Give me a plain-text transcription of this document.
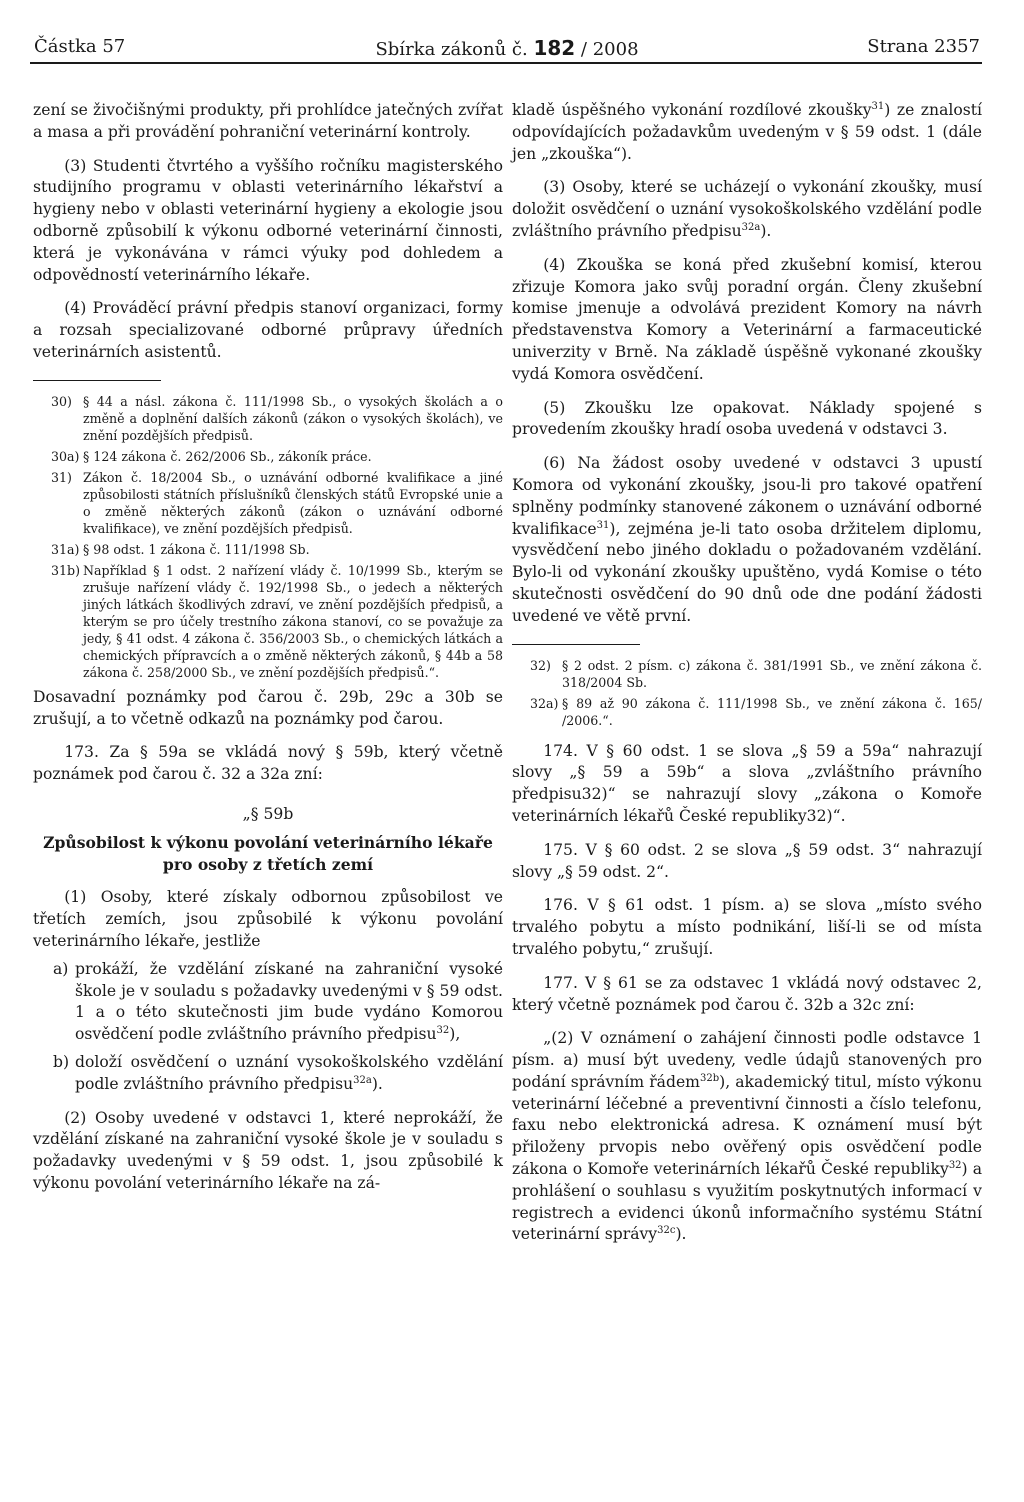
Částka 57	Sbírka zákonů č. 182 / 2008	Strana 2357

zení se živočišnými produkty, při prohlídce jatečných zvířat a masa a při provádění pohraniční veterinární kontroly.

(3) Studenti čtvrtého a vyššího ročníku magisterského studijního programu v oblasti veterinárního lékařství a hygieny nebo v oblasti veterinární hygieny a ekologie jsou odborně způsobilí k výkonu odborné veterinární činnosti, která je vykonávána v rámci výuky pod dohledem a odpovědností veterinárního lékaře.

(4) Prováděcí právní předpis stanoví organizaci, formy a rozsah specializované odborné průpravy úředních veterinárních asistentů.

30) § 44 a násl. zákona č. 111/1998 Sb., o vysokých školách a o změně a doplnění dalších zákonů (zákon o vysokých školách), ve znění pozdějších předpisů.
30a) § 124 zákona č. 262/2006 Sb., zákoník práce.
31) Zákon č. 18/2004 Sb., o uznávání odborné kvalifikace a jiné způsobilosti státních příslušníků členských států Evropské unie a o změně některých zákonů (zákon o uznávání odborné kvalifikace), ve znění pozdějších předpisů.
31a) § 98 odst. 1 zákona č. 111/1998 Sb.
31b) Například § 1 odst. 2 nařízení vlády č. 10/1999 Sb., kterým se zrušuje nařízení vlády č. 192/1998 Sb., o jedech a některých jiných látkách škodlivých zdraví, ve znění pozdějších předpisů, a kterým se pro účely trestního zákona stanoví, co se považuje za jedy, § 41 odst. 4 zákona č. 356/2003 Sb., o chemických látkách a chemických přípravcích a o změně některých zákonů, § 44b a 58 zákona č. 258/2000 Sb., ve znění pozdějších předpisů.“.

Dosavadní poznámky pod čarou č. 29b, 29c a 30b se zrušují, a to včetně odkazů na poznámky pod čarou.

173. Za § 59a se vkládá nový § 59b, který včetně poznámek pod čarou č. 32 a 32a zní:

„§ 59b

Způsobilost k výkonu povolání veterinárního lékaře pro osoby z třetích zemí

(1) Osoby, které získaly odbornou způsobilost ve třetích zemích, jsou způsobilé k výkonu povolání veterinárního lékaře, jestliže

a) prokáží, že vzdělání získané na zahraniční vysoké škole je v souladu s požadavky uvedenými v § 59 odst. 1 a o této skutečnosti jim bude vydáno Komorou osvědčení podle zvláštního právního předpisu$^{32}$),
b) doloží osvědčení o uznání vysokoškolského vzdělání podle zvláštního právního předpisu$^{32a}$).

(2) Osoby uvedené v odstavci 1, které neprokáží, že vzdělání získané na zahraniční vysoké škole je v souladu s požadavky uvedenými v § 59 odst. 1, jsou způsobilé k výkonu povolání veterinárního lékaře na zá-

kladě úspěšného vykonání rozdílové zkoušky$^{31}$) ze znalostí odpovídajících požadavkům uvedeným v § 59 odst. 1 (dále jen „zkouška“).

(3) Osoby, které se ucházejí o vykonání zkoušky, musí doložit osvědčení o uznání vysokoškolského vzdělání podle zvláštního právního předpisu$^{32a}$).

(4) Zkouška se koná před zkušební komisí, kterou zřizuje Komora jako svůj poradní orgán. Členy zkušební komise jmenuje a odvolává prezident Komory na návrh představenstva Komory a Veterinární a farmaceutické univerzity v Brně. Na základě úspěšně vykonané zkoušky vydá Komora osvědčení.

(5) Zkoušku lze opakovat. Náklady spojené s provedením zkoušky hradí osoba uvedená v odstavci 3.

(6) Na žádost osoby uvedené v odstavci 3 upustí Komora od vykonání zkoušky, jsou-li pro takové opatření splněny podmínky stanovené zákonem o uznávání odborné kvalifikace$^{31}$), zejména je-li tato osoba držitelem diplomu, vysvědčení nebo jiného dokladu o požadovaném vzdělání. Bylo-li od vykonání zkoušky upuštěno, vydá Komise o této skutečnosti osvědčení do 90 dnů ode dne podání žádosti uvedené ve větě první.

32) § 2 odst. 2 písm. c) zákona č. 381/1991 Sb., ve znění zákona č. 318/2004 Sb.
32a) § 89 až 90 zákona č. 111/1998 Sb., ve znění zákona č. 165/ /2006.“.

174. V § 60 odst. 1 se slova „§ 59 a 59a“ nahrazují slovy „§ 59 a 59b“ a slova „zvláštního právního předpisu32)“ se nahrazují slovy „zákona o Komoře veterinárních lékařů České republiky32)“.

175. V § 60 odst. 2 se slova „§ 59 odst. 3“ nahrazují slovy „§ 59 odst. 2“.

176. V § 61 odst. 1 písm. a) se slova „místo svého trvalého pobytu a místo podnikání, liší-li se od místa trvalého pobytu,“ zrušují.

177. V § 61 se za odstavec 1 vkládá nový odstavec 2, který včetně poznámek pod čarou č. 32b a 32c zní:

„(2) V oznámení o zahájení činnosti podle odstavce 1 písm. a) musí být uvedeny, vedle údajů stanovených pro podání správním řádem$^{32b}$), akademický titul, místo výkonu veterinární léčebné a preventivní činnosti a číslo telefonu, faxu nebo elektronická adresa. K oznámení musí být přiloženy prvopis nebo ověřený opis osvědčení podle zákona o Komoře veterinárních lékařů České republiky$^{32}$) a prohlášení o souhlasu s využitím poskytnutých informací v registrech a evidenci úkonů informačního systému Státní veterinární správy$^{32c}$).
